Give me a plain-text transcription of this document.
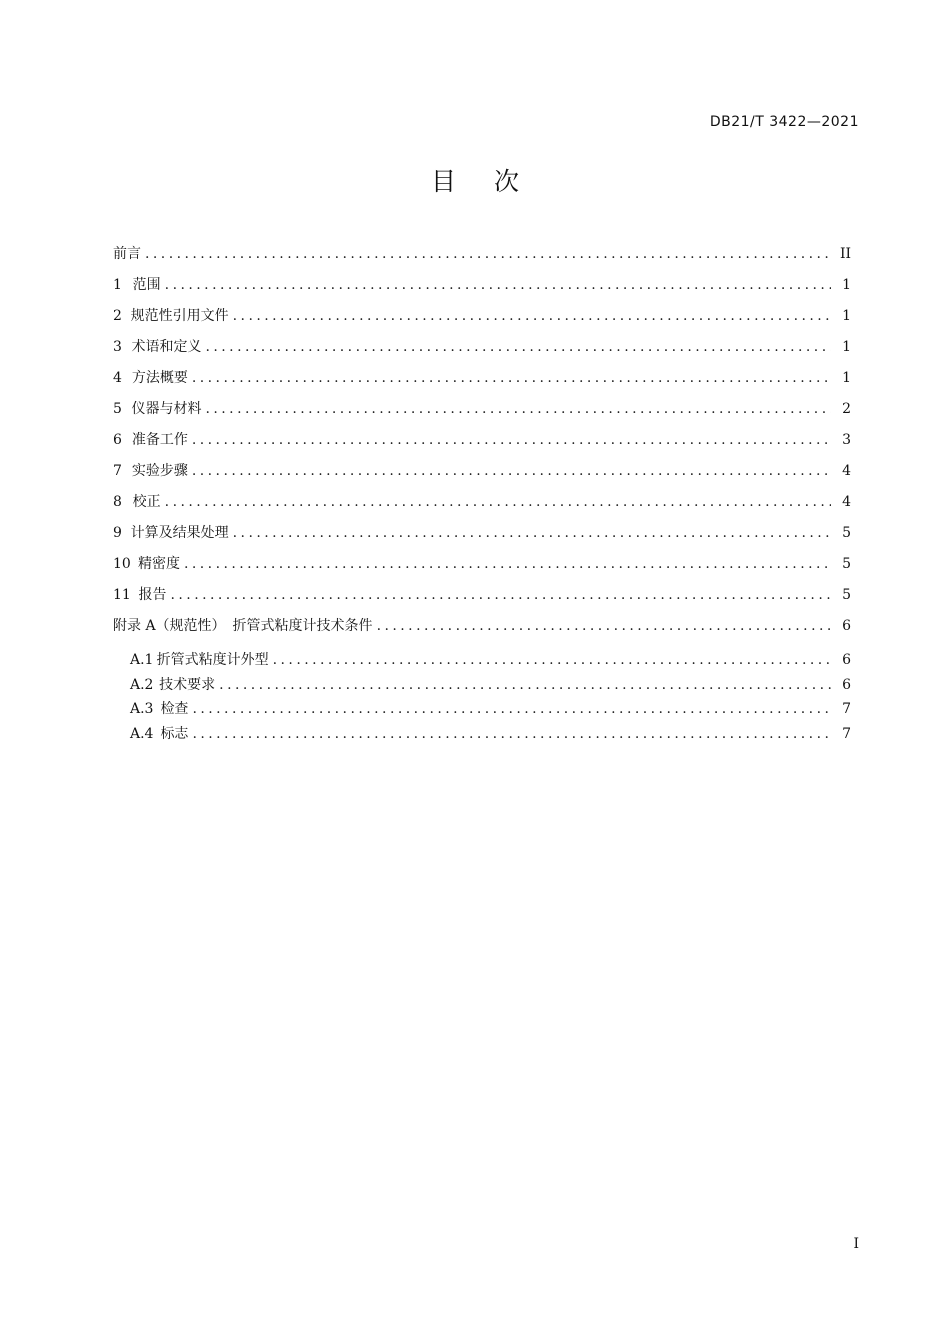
DB21/T 3422—2021
目次
前言 . . .	II
1 范围 . . .	1
2 规范性引用文件 . . .	1
3 术语和定义 . . .	1
4 方法概要 . . .	1
5 仪器与材料 . . .	2
6 准备工作 . . .	3
7 实验步骤 . . .	4
8 校正 . . .	4
9 计算及结果处理 . . .	5
10 精密度 . . .	5
11 报告 . . .	5
附录 A（规范性）　折管式粘度计技术条件 . . .	6
A.1 折管式粘度计外型 . . .	6
A.2 技术要求 . . .	6
A.3 检查 . . .	7
A.4 标志 . . .	7
I
